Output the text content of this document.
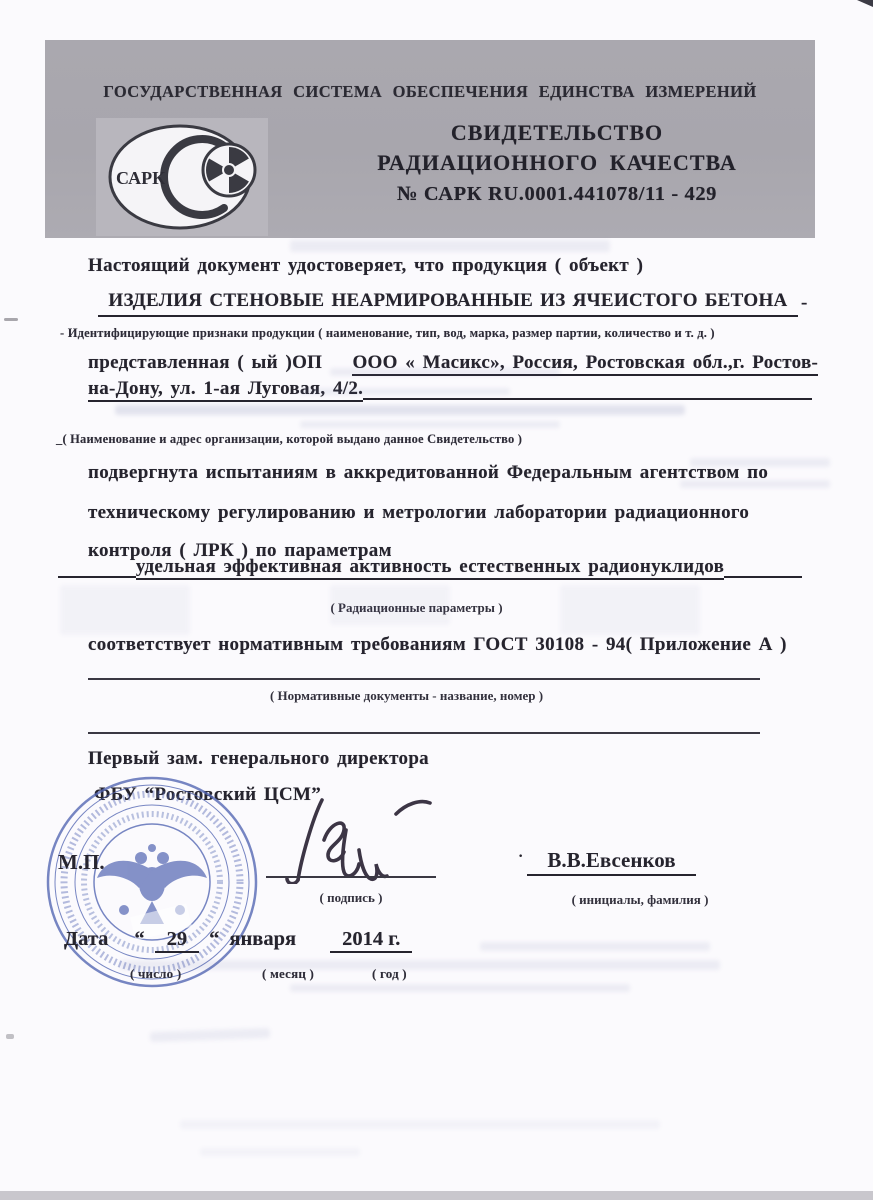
ГОСУДАРСТВЕННАЯ СИСТЕМА ОБЕСПЕЧЕНИЯ ЕДИНСТВА ИЗМЕРЕНИЙ
САРК
СВИДЕТЕЛЬСТВО
РАДИАЦИОННОГО КАЧЕСТВА
№ САРК RU.0001.441078/11 - 429
Настоящий документ удостоверяет, что продукция ( объект )
ИЗДЕЛИЯ СТЕНОВЫЕ НЕАРМИРОВАННЫЕ ИЗ ЯЧЕИСТОГО БЕТОНА -
- Идентифицирующие признаки продукции ( наименование, тип, вод, марка, размер партии, количество и т. д. )
представленная ( ый )ОП ООО « Масикс», Россия, Ростовская обл.,г. Ростов-
на-Дону, ул. 1-ая Луговая, 4/2.
_( Наименование и адрес организации, которой выдано данное Свидетельство )
подвергнута испытаниям в аккредитованной Федеральным агентством по
техническому регулированию и метрологии лаборатории радиационного
контроля ( ЛРК ) по параметрам
удельная эффективная активность естественных радионуклидов
( Радиационные параметры )
соответствует нормативным требованиям ГОСТ 30108 - 94( Приложение А )
( Нормативные документы - название, номер )
Первый зам. генерального директора
ФБУ “Ростовский ЦСМ”
М.П.
( подпись )
· В.В.Евсенков
( инициалы, фамилия )
Дата “ 29 “ января 2014 г.
( число )	( месяц )	( год )
